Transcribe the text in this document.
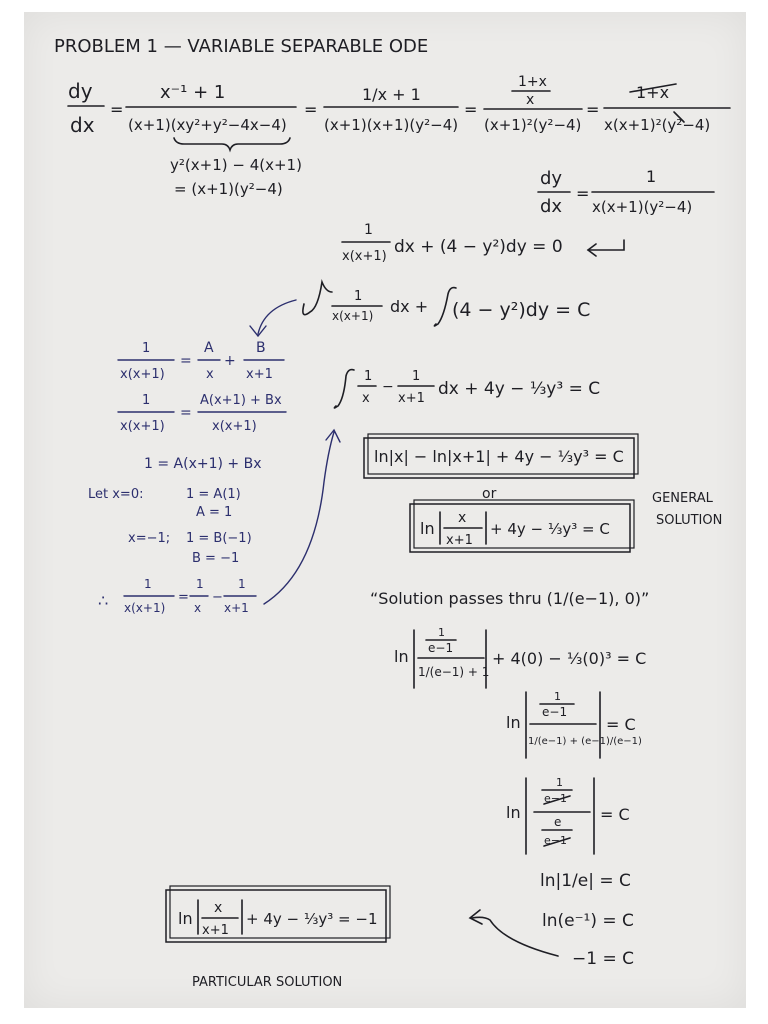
PROBLEM 1 — VARIABLE SEPARABLE ODE
dy
dx
=
x⁻¹ + 1
(x+1)(xy²+y²−4x−4)
=
1/x + 1
(x+1)(x+1)(y²−4)
=
1+x
x
(x+1)²(y²−4)
=
1+x
x(x+1)²(y²−4)
y²(x+1) − 4(x+1)
= (x+1)(y²−4)	dy
dx
=
1
x(x+1)(y²−4)
1
x(x+1) dx + (4 − y²)dy = 0
1
x(x+1) dx + (4 − y²)dy = C
1
x(x+1)
=
A
x
+
B
x+1
1
x(x+1)
=
A(x+1) + Bx
x(x+1)
1 = A(x+1) + Bx
Let x=0:	1 = A(1)
A = 1
x=−1; 1 = B(−1)
B = −1
∴
1
x(x+1)
=
1
x
−
1
x+1
1
x
−
1
x+1 dx + 4y − ⅓y³ = C
ln|x| − ln|x+1| + 4y − ⅓y³ = C
or
ln
x
x+1
+ 4y − ⅓y³ = C
GENERAL
SOLUTION
“Solution passes thru (1/(e−1), 0)”
ln
1
e−1
1/(e−1) + 1
+ 4(0) − ⅓(0)³ = C
ln
1
e−1
1/(e−1) + (e−1)/(e−1)
= C
ln
1
e−1
e
e−1
= C
ln|1/e| = C
ln(e⁻¹) = C
−1 = C
ln
x
x+1
+ 4y − ⅓y³ = −1
PARTICULAR SOLUTION
